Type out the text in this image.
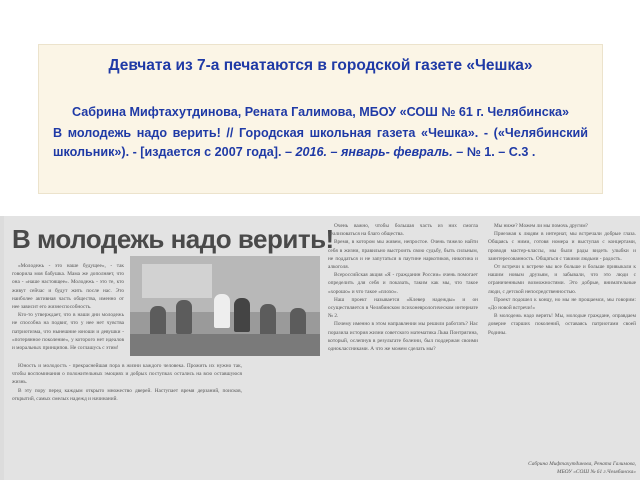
Девчата из 7-а печатаются в городской газете «Чешка»
Сабрина Мифтахутдинова, Рената Галимова, МБОУ «СОШ № 61 г. Челябинска»
В молодежь надо верить! // Городская школьная газета «Чешка». - («Челябинский школьник»). - [издается с 2007 года]. – 2016. – январь- февраль. – № 1. – С.3 .
В молодежь надо верить!

«Молодежь - это наше будущее», - так говорила моя бабушка. Мама же дополняет, что она - «наше настоящее». Молодежь - это те, кто живут сейчас и будут жить после нас. Это наиболее активная часть общества, именно от нее зависит его жизнеспособность.

Кто-то утверждает, что в наши дни молодежь не способна на подвиг, что у нее нет чувства патриотизма, что нынешние юноши и девушки - «потерянное поколение», у которого нет идеалов и моральных принципов. Не соглашусь с этим!

Юность и молодость - прекраснейшая пора в жизни каждого человека. Прожить их нужно так, чтобы воспоминания о положительных эмоциях и добрых поступках остались на всю оставшуюся жизнь.

В эту пору перед каждым открыто множество дверей. Наступает время дерзаний, поисков, открытий, самых смелых надежд и начинаний.

Очень важно, чтобы большая часть из них смогла реализоваться на благо общества.

Время, в котором мы живем, непростое. Очень тяжело найти себя в жизни, правильно выстроить свою судьбу, быть сильным, не поддаться и не запутаться в паутине наркотиков, никотина и алкоголя.

Всероссийская акция «Я - гражданин России» очень помогает определить для себя и показать, таким как мы, что такое «хорошо» и что такое «плохо».

Наш проект называется «Клевер надежды» и он осуществляется в Челябинском психоневрологическом интернате № 2.

Почему именно в этом направлении мы решили работать? Нас поразила история жизни советского математика Льва Понтрягина, который, ослепнув в результате болезни, был поддержан своими одноклассниками. А что же можем сделать мы?

Мы ниже? Можем ли мы помочь другим?

Приезжая к людям в интернат, мы встречали добрые глаза. Общаясь с ними, готовя номера и выступая с концертами, проводя мастер-классы, мы были рады видеть улыбки и заинтересованность. Общаться с такими людьми - радость.

От встречи к встрече мы все больше и больше привыкали к нашим новым друзьям, и забывали, что это люди с ограниченными возможностями. Это добрые, внимательные люди, с детской непосредственностью.

Проект подошел к концу, но мы не прощаемся, мы говорим: «До новой встречи!»

В молодежь надо верить! Мы, молодые граждане, оправдаем доверие старших поколений, оставаясь патриотами своей Родины.

Сабрина Мифтахутдинова, Рената Галимова,
МБОУ «СОШ № 61 г.Челябинска»
